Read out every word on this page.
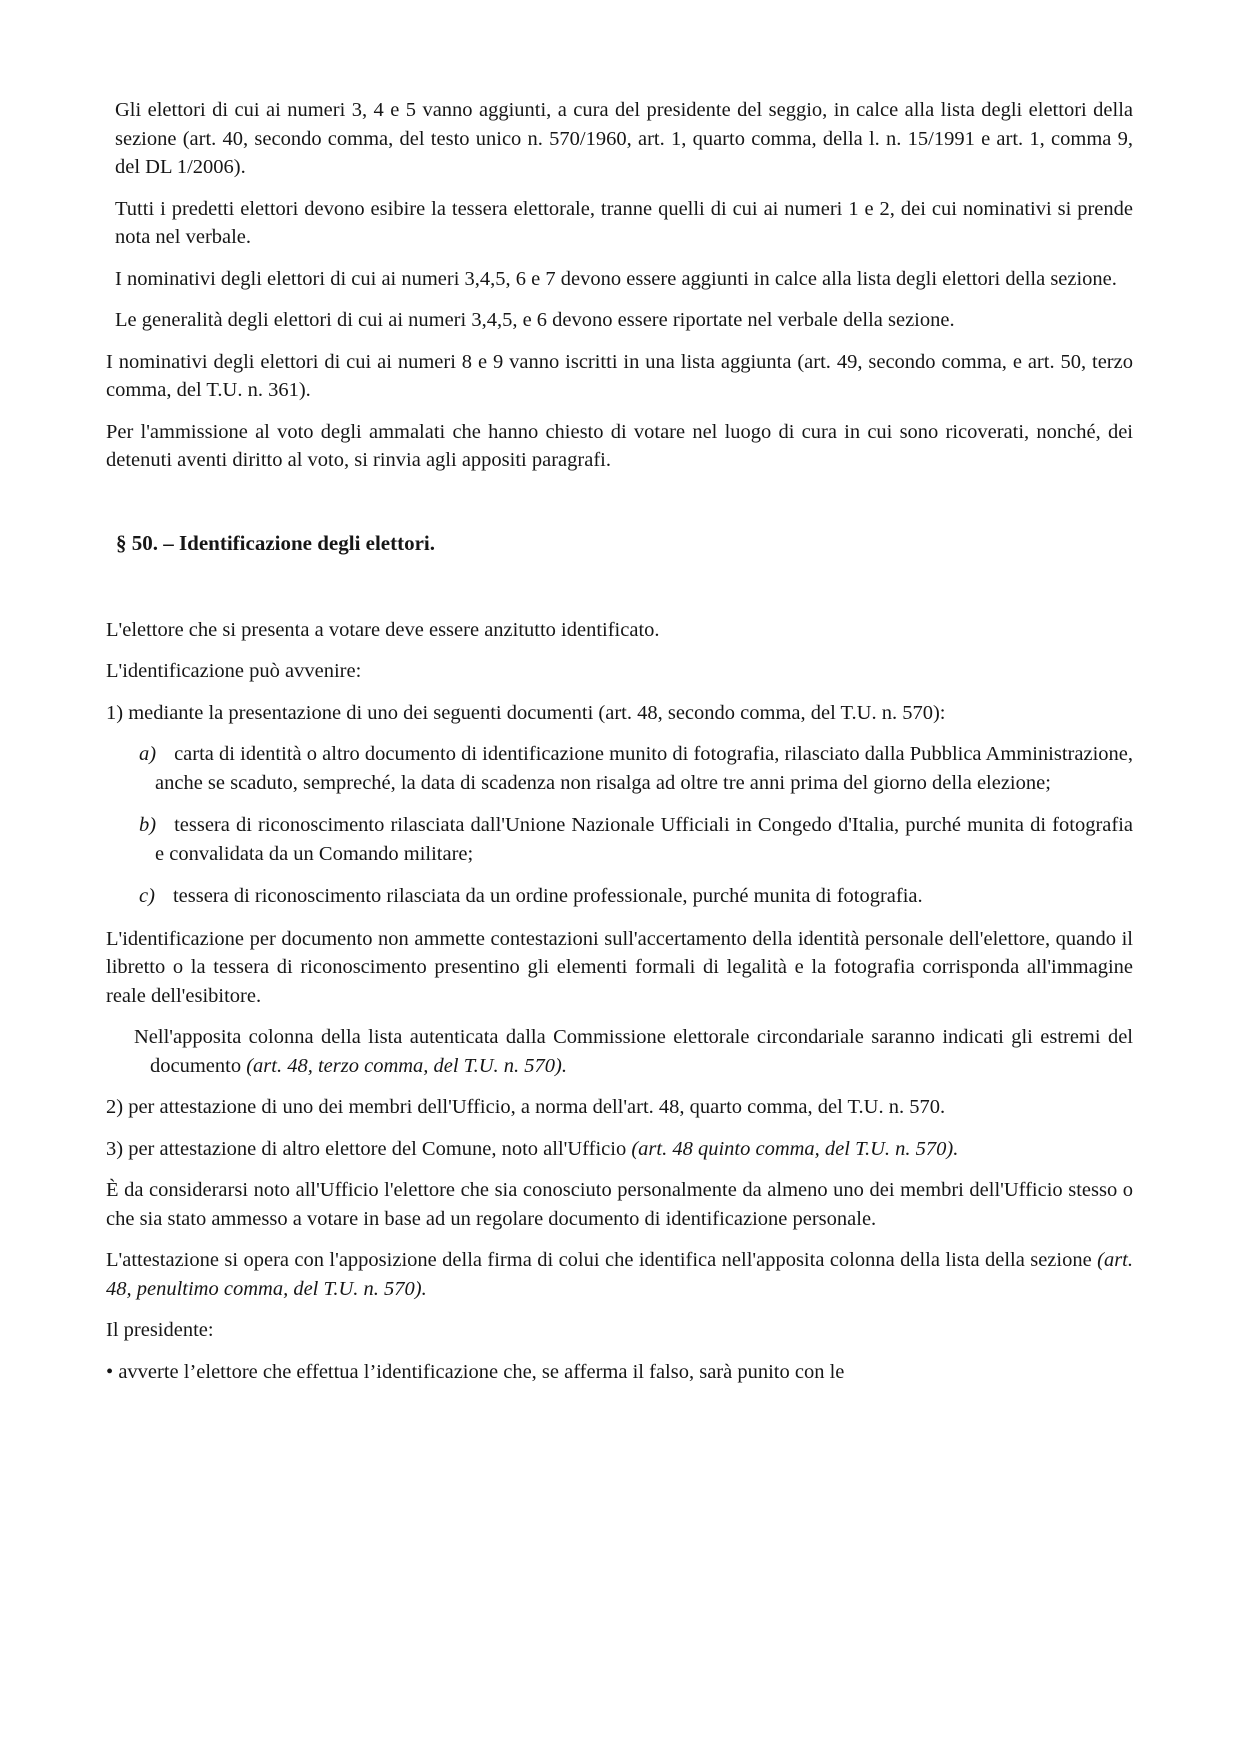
Gli elettori di cui ai numeri 3, 4 e 5 vanno aggiunti, a cura del presidente del seggio, in calce alla lista degli elettori della sezione (art. 40, secondo comma, del testo unico n. 570/1960, art. 1, quarto comma, della l. n. 15/1991 e art. 1, comma 9, del DL 1/2006).

Tutti i predetti elettori devono esibire la tessera elettorale, tranne quelli di cui ai numeri 1 e 2, dei cui nominativi si prende nota nel verbale.

I nominativi degli elettori di cui ai numeri 3,4,5, 6 e 7 devono essere aggiunti in calce alla lista degli elettori della sezione.

Le generalità degli elettori di cui ai numeri 3,4,5, e 6 devono essere riportate nel verbale della sezione.

I nominativi degli elettori di cui ai numeri 8 e 9 vanno iscritti in una lista aggiunta (art. 49, secondo comma, e art. 50, terzo comma, del T.U. n. 361).

Per l'ammissione al voto degli ammalati che hanno chiesto di votare nel luogo di cura in cui sono ricoverati, nonché, dei detenuti aventi diritto al voto, si rinvia agli appositi paragrafi.

§ 50. – Identificazione degli elettori.

L'elettore che si presenta a votare deve essere anzitutto identificato.

L'identificazione può avvenire:

1) mediante la presentazione di uno dei seguenti documenti (art. 48, secondo comma, del T.U. n. 570):

a) carta di identità o altro documento di identificazione munito di fotografia, rilasciato dalla Pubblica Amministrazione, anche se scaduto, sempreché, la data di scadenza non risalga ad oltre tre anni prima del giorno della elezione;

b) tessera di riconoscimento rilasciata dall'Unione Nazionale Ufficiali in Congedo d'Italia, purché munita di fotografia e convalidata da un Comando militare;

c) tessera di riconoscimento rilasciata da un ordine professionale, purché munita di fotografia.

L'identificazione per documento non ammette contestazioni sull'accertamento della identità personale dell'elettore, quando il libretto o la tessera di riconoscimento presentino gli elementi formali di legalità e la fotografia corrisponda all'immagine reale dell'esibitore.

Nell'apposita colonna della lista autenticata dalla Commissione elettorale circondariale saranno indicati gli estremi del documento (art. 48, terzo comma, del T.U. n. 570).

2) per attestazione di uno dei membri dell'Ufficio, a norma dell'art. 48, quarto comma, del T.U. n. 570.

3) per attestazione di altro elettore del Comune, noto all'Ufficio (art. 48 quinto comma, del T.U. n. 570).

È da considerarsi noto all'Ufficio l'elettore che sia conosciuto personalmente da almeno uno dei membri dell'Ufficio stesso o che sia stato ammesso a votare in base ad un regolare documento di identificazione personale.

L'attestazione si opera con l'apposizione della firma di colui che identifica nell'apposita colonna della lista della sezione (art. 48, penultimo comma, del T.U. n. 570).

Il presidente:

• avverte l’elettore che effettua l’identificazione che, se afferma il falso, sarà punito con le
